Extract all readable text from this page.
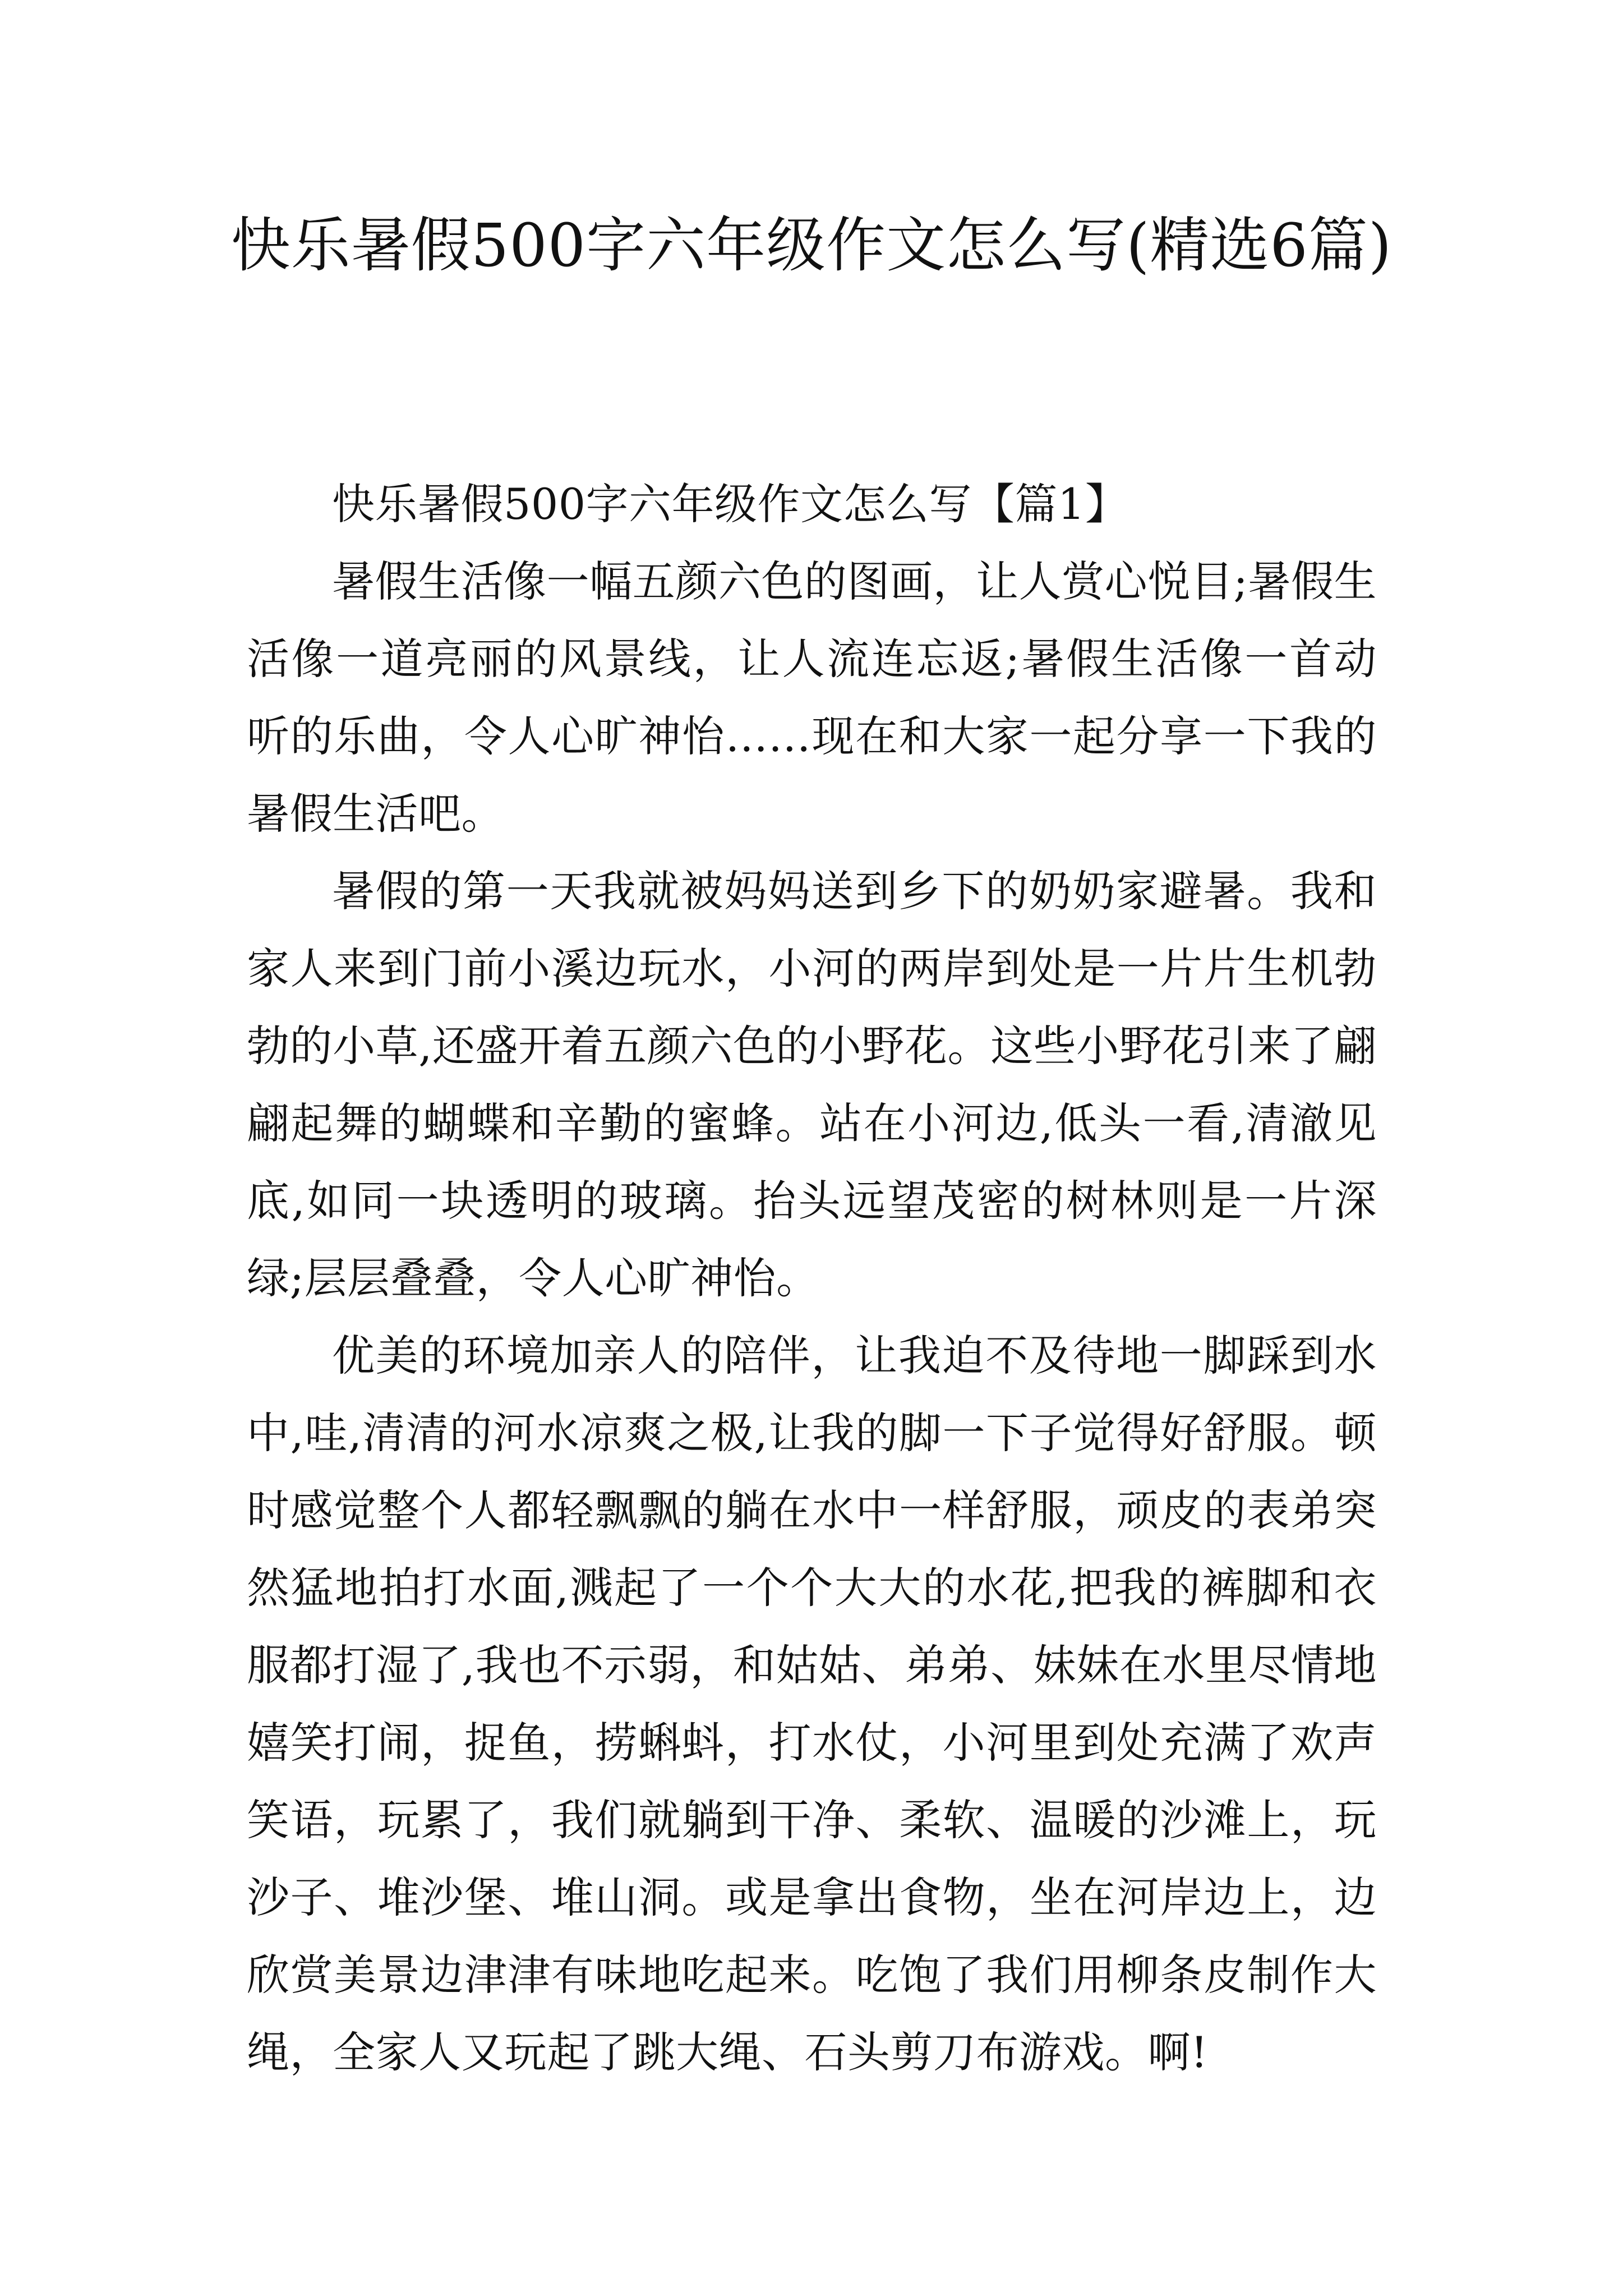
快乐暑假500字六年级作文怎么写(精选6篇)

快乐暑假500字六年级作文怎么写【篇1】

暑假生活像一幅五颜六色的图画，让人赏心悦目;暑假生活像一道亮丽的风景线，让人流连忘返;暑假生活像一首动听的乐曲，令人心旷神怡……现在和大家一起分享一下我的暑假生活吧。

暑假的第一天我就被妈妈送到乡下的奶奶家避暑。我和家人来到门前小溪边玩水，小河的两岸到处是一片片生机勃勃的小草,还盛开着五颜六色的小野花。这些小野花引来了翩翩起舞的蝴蝶和辛勤的蜜蜂。站在小河边,低头一看,清澈见底,如同一块透明的玻璃。抬头远望茂密的树林则是一片深绿;层层叠叠，令人心旷神怡。

优美的环境加亲人的陪伴，让我迫不及待地一脚踩到水中,哇,清清的河水凉爽之极,让我的脚一下子觉得好舒服。顿时感觉整个人都轻飘飘的躺在水中一样舒服，顽皮的表弟突然猛地拍打水面,溅起了一个个大大的水花,把我的裤脚和衣服都打湿了,我也不示弱，和姑姑、弟弟、妹妹在水里尽情地嬉笑打闹，捉鱼，捞蝌蚪，打水仗，小河里到处充满了欢声笑语，玩累了，我们就躺到干净、柔软、温暖的沙滩上，玩沙子、堆沙堡、堆山洞。或是拿出食物，坐在河岸边上，边欣赏美景边津津有味地吃起来。吃饱了我们用柳条皮制作大绳，全家人又玩起了跳大绳、石头剪刀布游戏。啊!
